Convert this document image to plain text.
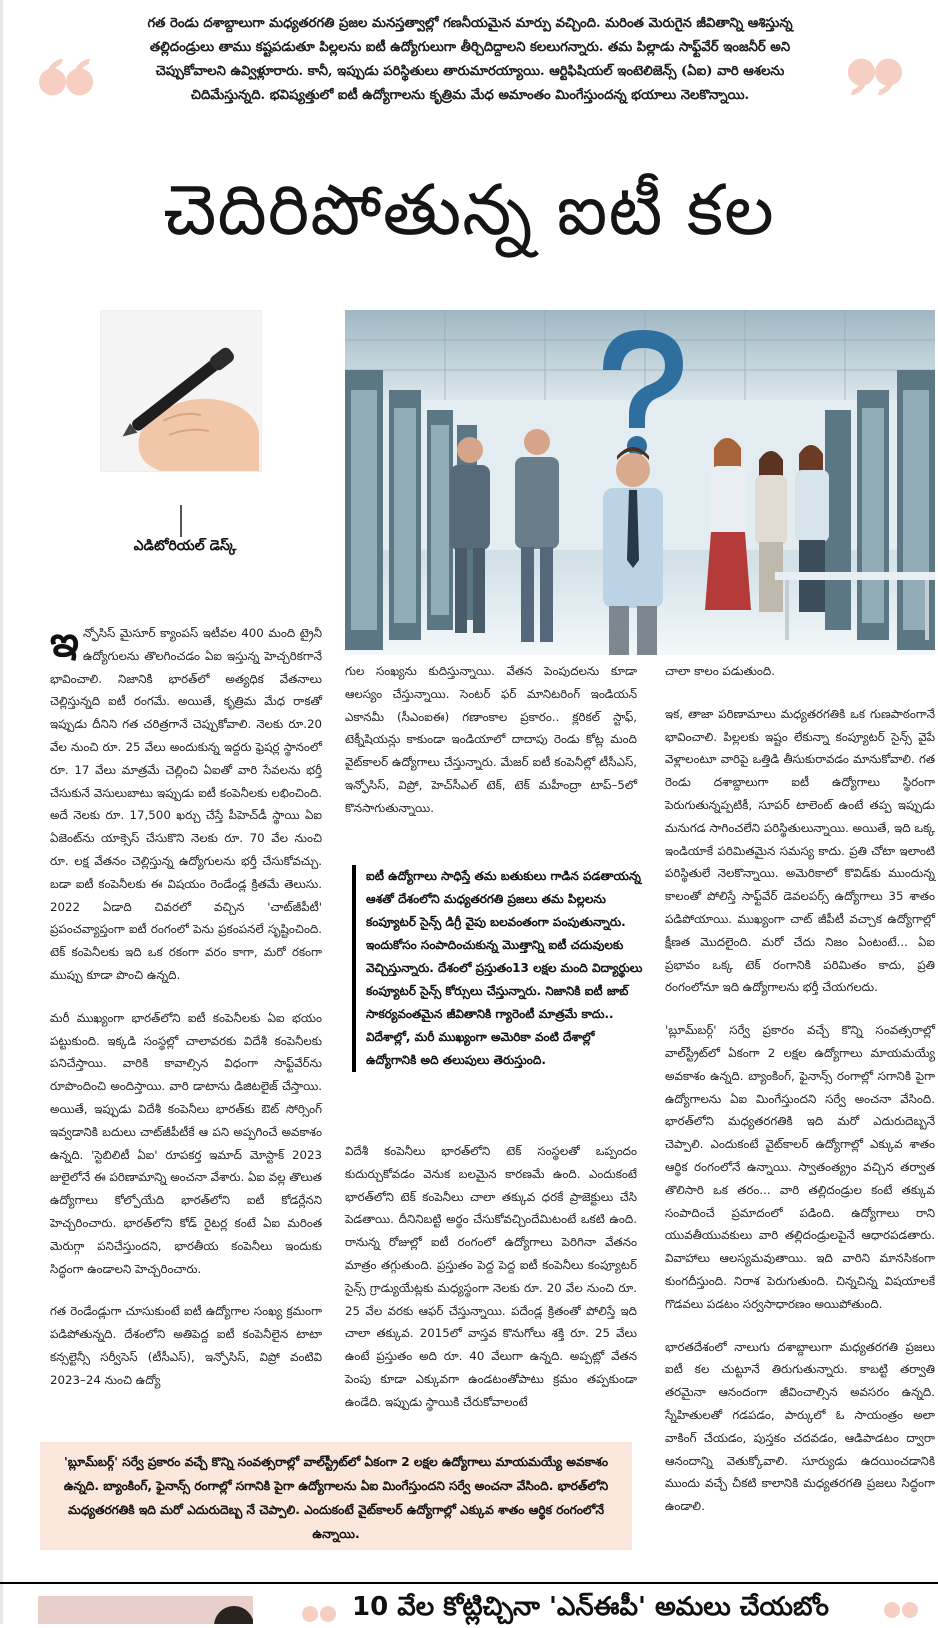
గత రెండు దశాబ్దాలుగా మధ్యతరగతి ప్రజల మనస్తత్వాల్లో గణనీయమైన మార్పు వచ్చింది. మరింత మెరుగైన జీవితాన్ని ఆశిస్తున్న తల్లిదండ్రులు తాము కష్టపడుతూ పిల్లలను ఐటీ ఉద్యోగులుగా తీర్చిదిద్దాలని కలలుగన్నారు. తమ పిల్లాడు సాఫ్ట్‌వేర్ ఇంజనీర్ అని చెప్పుకోవాలని ఉవ్విళ్లూరారు. కానీ, ఇప్పుడు పరిస్థితులు తారుమారయ్యాయి. ఆర్టిఫిషియల్ ఇంటెలిజెన్స్ (ఏఐ) వారి ఆశలను చిదిమేస్తున్నది. భవిష్యత్తులో ఐటీ ఉద్యోగాలను కృత్రిమ మేధ అమాంతం మింగేస్తుందన్న భయాలు నెలకొన్నాయి.
చెదిరిపోతున్న ఐటీ కల
ఎడిటోరియల్ డెస్క్

ఇన్ఫోసిస్ మైసూర్ క్యాంపస్ ఇటీవల 400 మంది ట్రైనీ ఉద్యోగులను తొలగించడం ఏఐ ఇస్తున్న హెచ్చరికగానే భావించాలి. నిజానికి భారత్‌లో అత్యధిక వేతనాలు చెల్లిస్తున్నది ఐటీ రంగమే. అయితే, కృత్రిమ మేధ రాకతో ఇప్పుడు దీనిని గత చరిత్రగానే చెప్పుకోవాలి. నెలకు రూ.20 వేల నుంచి రూ. 25 వేలు అందుకున్న ఇద్దరు ఫ్రెషర్ల స్థానంలో రూ. 17 వేలు మాత్రమే చెల్లించి ఏఐతో వారి సేవలను భర్తీ చేసుకునే వెసులుబాటు ఇప్పుడు ఐటీ కంపెనీలకు లభించింది. అదే నెలకు రూ. 17,500 ఖర్చు చేస్తే పీహెచ్‌డీ స్థాయి ఏఐ ఏజెంట్‌ను యాక్సెస్ చేసుకొని నెలకు రూ. 70 వేల నుంచి రూ. లక్ష వేతనం చెల్లిస్తున్న ఉద్యోగులను భర్తీ చేసుకోవచ్చు. బడా ఐటీ కంపెనీలకు ఈ విషయం రెండేండ్ల క్రితమే తెలుసు. 2022 ఏడాది చివరలో వచ్చిన 'చాట్‌జీపీటీ' ప్రపంచవ్యాప్తంగా ఐటీ రంగంలో పెను ప్రకంపనలే సృష్టించింది. టెక్ కంపెనీలకు ఇది ఒక రకంగా వరం కాగా, మరో రకంగా ముప్పు కూడా పొంచి ఉన్నది.

మరీ ముఖ్యంగా భారత్‌లోని ఐటీ కంపెనీలకు ఏఐ భయం పట్టుకుంది. ఇక్కడి సంస్థల్లో చాలావరకు విదేశీ కంపెనీలకు పనిచేస్తాయి. వారికి కావాల్సిన విధంగా సాఫ్ట్‌వేర్‌ను రూపొందించి అందిస్తాయి. వారి డాటాను డిజిటలైజ్ చేస్తాయి. అయితే, ఇప్పుడు విదేశీ కంపెనీలు భారత్‌కు ఔట్ సోర్సింగ్ ఇవ్వడానికి బదులు చాట్‌జీపీటీకే ఆ పని అప్పగించే అవకాశం ఉన్నది. 'స్టెబిలిటీ ఏఐ' రూపకర్త ఇమాద్ మోస్టాక్ 2023 జులైలోనే ఈ పరిణామాన్ని అంచనా వేశారు. ఏఐ వల్ల తొలుత ఉద్యోగాలు కోల్పోయేది భారత్‌లోని ఐటీ కోడర్లేనని హెచ్చరించారు. భారత్‌లోని కోడ్ రైటర్ల కంటే ఏఐ మరింత మెరుగ్గా పనిచేస్తుందని, భారతీయ కంపెనీలు ఇందుకు సిద్ధంగా ఉండాలని హెచ్చరించారు.

గత రెండేండ్లుగా చూసుకుంటే ఐటీ ఉద్యోగాల సంఖ్య క్రమంగా పడిపోతున్నది. దేశంలోని అతిపెద్ద ఐటీ కంపెనీలైన టాటా కన్సల్టెన్సీ సర్వీసెస్ (టీసీఎస్), ఇన్ఫోసిస్, విప్రో వంటివి 2023–24 నుంచి ఉద్యో

గుల సంఖ్యను కుదిస్తున్నాయి. వేతన పెంపుదలను కూడా ఆలస్యం చేస్తున్నాయి. సెంటర్ ఫర్ మానిటరింగ్ ఇండియన్ ఎకానమీ (సీఎంఐఈ) గణాంకాల ప్రకారం.. క్లరికల్ స్టాఫ్, టెక్నీషియన్లు కాకుండా ఇండియాలో దాదాపు రెండు కోట్ల మంది వైట్‌కాలర్ ఉద్యోగాలు చేస్తున్నారు. మేజర్ ఐటీ కంపెనీల్లో టీసీఎస్, ఇన్ఫోసిస్, విప్రో, హెచ్‌సీఎల్ టెక్, టెక్ మహీంద్రా టాప్–5లో కొనసాగుతున్నాయి.

ఐటీ ఉద్యోగాలు సాధిస్తే తమ బతుకులు గాడిన పడతాయన్న ఆశతో దేశంలోని మధ్యతరగతి ప్రజలు తమ పిల్లలను కంప్యూటర్ సైన్స్ డిగ్రీ వైపు బలవంతంగా పంపుతున్నారు. ఇందుకోసం సంపాదించుకున్న మొత్తాన్ని ఐటీ చదువులకు వెచ్చిస్తున్నారు. దేశంలో ప్రస్తుతం13 లక్షల మంది విద్యార్థులు కంప్యూటర్ సైన్స్ కోర్సులు చేస్తున్నారు. నిజానికి ఐటీ జాబ్ సాకర్యవంతమైన జీవితానికి గ్యారెంటీ మాత్రమే కాదు.. విదేశాల్లో, మరీ ముఖ్యంగా అమెరికా వంటి దేశాల్లో ఉద్యోగానికి అది తలుపులు తెరుస్తుంది.

విదేశీ కంపెనీలు భారత్‌లోని టెక్ సంస్థలతో ఒప్పందం కుదుర్చుకోవడం వెనుక బలమైన కారణమే ఉంది. ఎందుకంటే భారత్‌లోని టెక్ కంపెనీలు చాలా తక్కువ ధరకే ప్రాజెక్టులు చేసి పెడతాయి. దీనినిబట్టి అర్థం చేసుకోవచ్చిందేమిటంటే ఒకటి ఉంది. రానున్న రోజుల్లో ఐటీ రంగంలో ఉద్యోగాలు పెరిగినా వేతనం మాత్రం తగ్గుతుంది. ప్రస్తుతం పెద్ద పెద్ద ఐటీ కంపెనీలు కంప్యూటర్ సైన్స్ గ్రాడ్యుయేట్లకు మధ్యస్థంగా నెలకు రూ. 20 వేల నుంచి రూ. 25 వేల వరకు ఆఫర్ చేస్తున్నాయి. పదేండ్ల క్రితంతో పోలిస్తే ఇది చాలా తక్కువ. 2015లో వాస్తవ కొనుగోలు శక్తి రూ. 25 వేలు ఉంటే ప్రస్తుతం అది రూ. 40 వేలుగా ఉన్నది. అప్పట్లో వేతన పెంపు కూడా ఎక్కువగా ఉండటంతోపాటు క్రమం తప్పకుండా ఉండేది. ఇప్పుడు స్థాయికి చేరుకోవాలంటే

చాలా కాలం పడుతుంది.

ఇక, తాజా పరిణామాలు మధ్యతరగతికి ఒక గుణపాఠంగానే భావించాలి. పిల్లలకు ఇష్టం లేకున్నా కంప్యూటర్ సైన్స్ వైపే వెళ్లాలంటూ వారిపై ఒత్తిడి తీసుకురావడం మానుకోవాలి. గత రెండు దశాబ్దాలుగా ఐటీ ఉద్యోగాలు స్థిరంగా పెరుగుతున్నప్పటికీ, సూపర్ టాలెంట్ ఉంటే తప్ప ఇప్పుడు మనుగడ సాగించలేని పరిస్థితులున్నాయి. అయితే, ఇది ఒక్క ఇండియాకే పరిమితమైన సమస్య కాదు. ప్రతి చోటా ఇలాంటి పరిస్థితులే నెలకొన్నాయి. అమెరికాలో కొవిడ్‌కు ముందున్న కాలంతో పోలిస్తే సాఫ్ట్‌వేర్ డెవలపర్స్ ఉద్యోగాలు 35 శాతం పడిపోయాయి. ముఖ్యంగా చాట్ జీపీటీ వచ్చాక ఉద్యోగాల్లో క్షీణత మొదలైంది. మరో చేదు నిజం ఏంటంటే... ఏఐ ప్రభావం ఒక్క టెక్ రంగానికి పరిమితం కాదు, ప్రతి రంగంలోనూ ఇది ఉద్యోగాలను భర్తీ చేయగలదు.

'బ్లూమ్‌బర్గ్' సర్వే ప్రకారం వచ్చే కొన్ని సంవత్సరాల్లో వాల్‌స్ట్రీట్‌లో ఏకంగా 2 లక్షల ఉద్యోగాలు మాయమయ్యే అవకాశం ఉన్నది. బ్యాంకింగ్, ఫైనాన్స్ రంగాల్లో సగానికి పైగా ఉద్యోగాలను ఏఐ మింగేస్తుందని సర్వే అంచనా వేసింది. భారత్‌లోని మధ్యతరగతికి ఇది మరో ఎదురుదెబ్బనే చెప్పాలి. ఎందుకంటే వైట్‌కాలర్ ఉద్యోగాల్లో ఎక్కువ శాతం ఆర్థిక రంగంలోనే ఉన్నాయి. స్వాతంత్య్రం వచ్చిన తర్వాత తొలిసారి ఒక తరం... వారి తల్లిదండ్రుల కంటే తక్కువ సంపాదించే ప్రమాదంలో పడింది. ఉద్యోగాలు రాని యువతీయువకులు వారి తల్లిదండ్రులపైనే ఆధారపడతారు. వివాహాలు ఆలస్యమవుతాయి. ఇది వారిని మానసికంగా కుంగదీస్తుంది. నిరాశ పెరుగుతుంది. చిన్నచిన్న విషయాలకే గొడవలు పడటం సర్వసాధారణం అయిపోతుంది.

భారతదేశంలో నాలుగు దశాబ్దాలుగా మధ్యతరగతి ప్రజలు ఐటీ కల చుట్టూనే తిరుగుతున్నారు. కాబట్టి తర్వాతి తరమైనా ఆనందంగా జీవించాల్సిన అవసరం ఉన్నది. స్నేహితులతో గడపడం, పార్కులో ఓ సాయంత్రం అలా వాకింగ్ చేయడం, పుస్తకం చదవడం, ఆడిపాడటం ద్వారా ఆనందాన్ని వెతుక్కోవాలి. సూర్యుడు ఉదయించడానికి ముందు వచ్చే చీకటి కాలానికి మధ్యతరగతి ప్రజలు సిద్ధంగా ఉండాలి.

'బ్లూమ్‌బర్గ్' సర్వే ప్రకారం వచ్చే కొన్ని సంవత్సరాల్లో వాల్‌స్ట్రీట్‌లో ఏకంగా 2 లక్షల ఉద్యోగాలు మాయమయ్యే అవకాశం ఉన్నది. బ్యాంకింగ్, ఫైనాన్స్ రంగాల్లో సగానికి పైగా ఉద్యోగాలను ఏఐ మింగేస్తుందని సర్వే అంచనా వేసింది. భారత్‌లోని మధ్యతరగతికి ఇది మరో ఎదురుదెబ్బ నే చెప్పాలి. ఎందుకంటే వైట్‌కాలర్ ఉద్యోగాల్లో ఎక్కువ శాతం ఆర్థిక రంగంలోనే ఉన్నాయి.
10 వేల కోట్లిచ్చినా 'ఎన్‌ఈపీ' అమలు చేయబోం
